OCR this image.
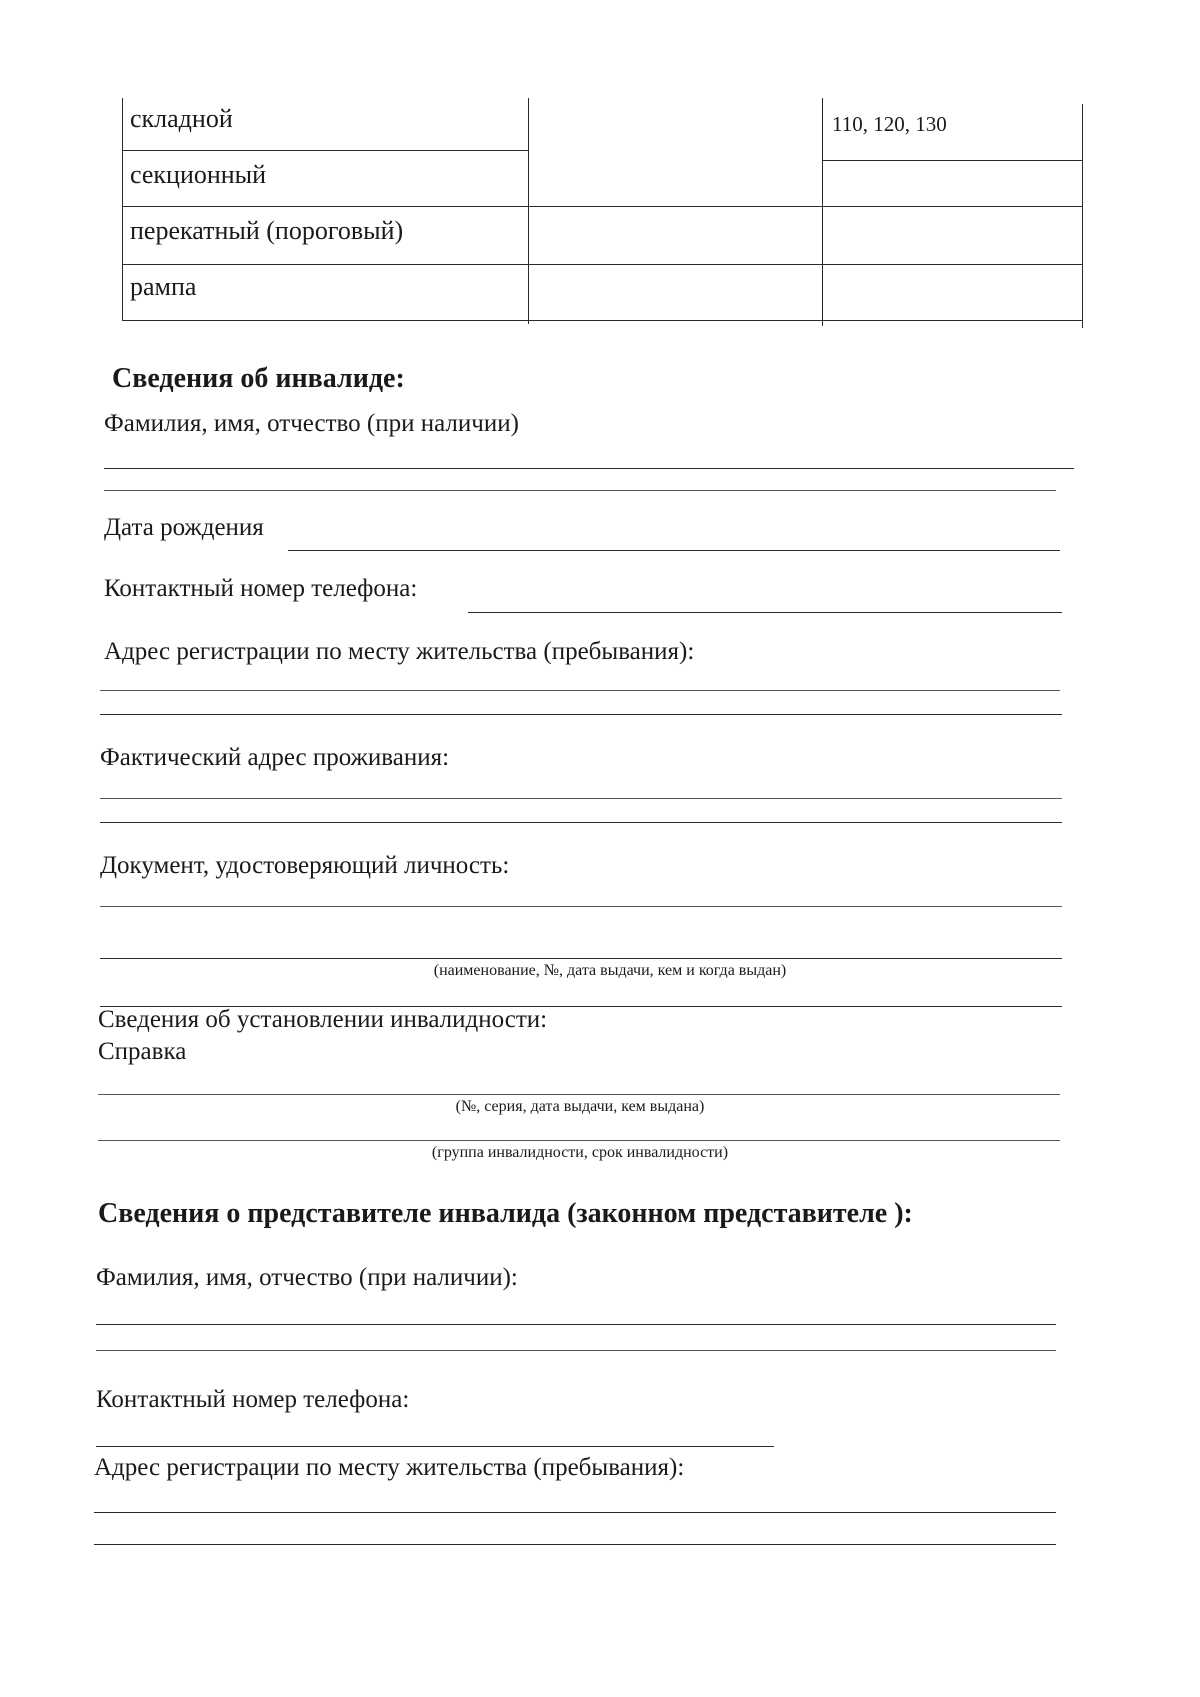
складной	110, 120, 130
секционный
перекатный (пороговый)
рампа
Сведения об инвалиде:
Фамилия, имя, отчество (при наличии)
Дата рождения
Контактный номер телефона:
Адрес регистрации по месту жительства (пребывания):
Фактический адрес проживания:
Документ, удостоверяющий личность:
(наименование, №, дата выдачи, кем и когда выдан)
Сведения об установлении инвалидности:
Справка
(№, серия, дата выдачи, кем выдана)
(группа инвалидности, срок инвалидности)
Сведения о представителе инвалида (законном представителе ):
Фамилия, имя, отчество (при наличии):
Контактный номер телефона:
Адрес регистрации по месту жительства (пребывания):
